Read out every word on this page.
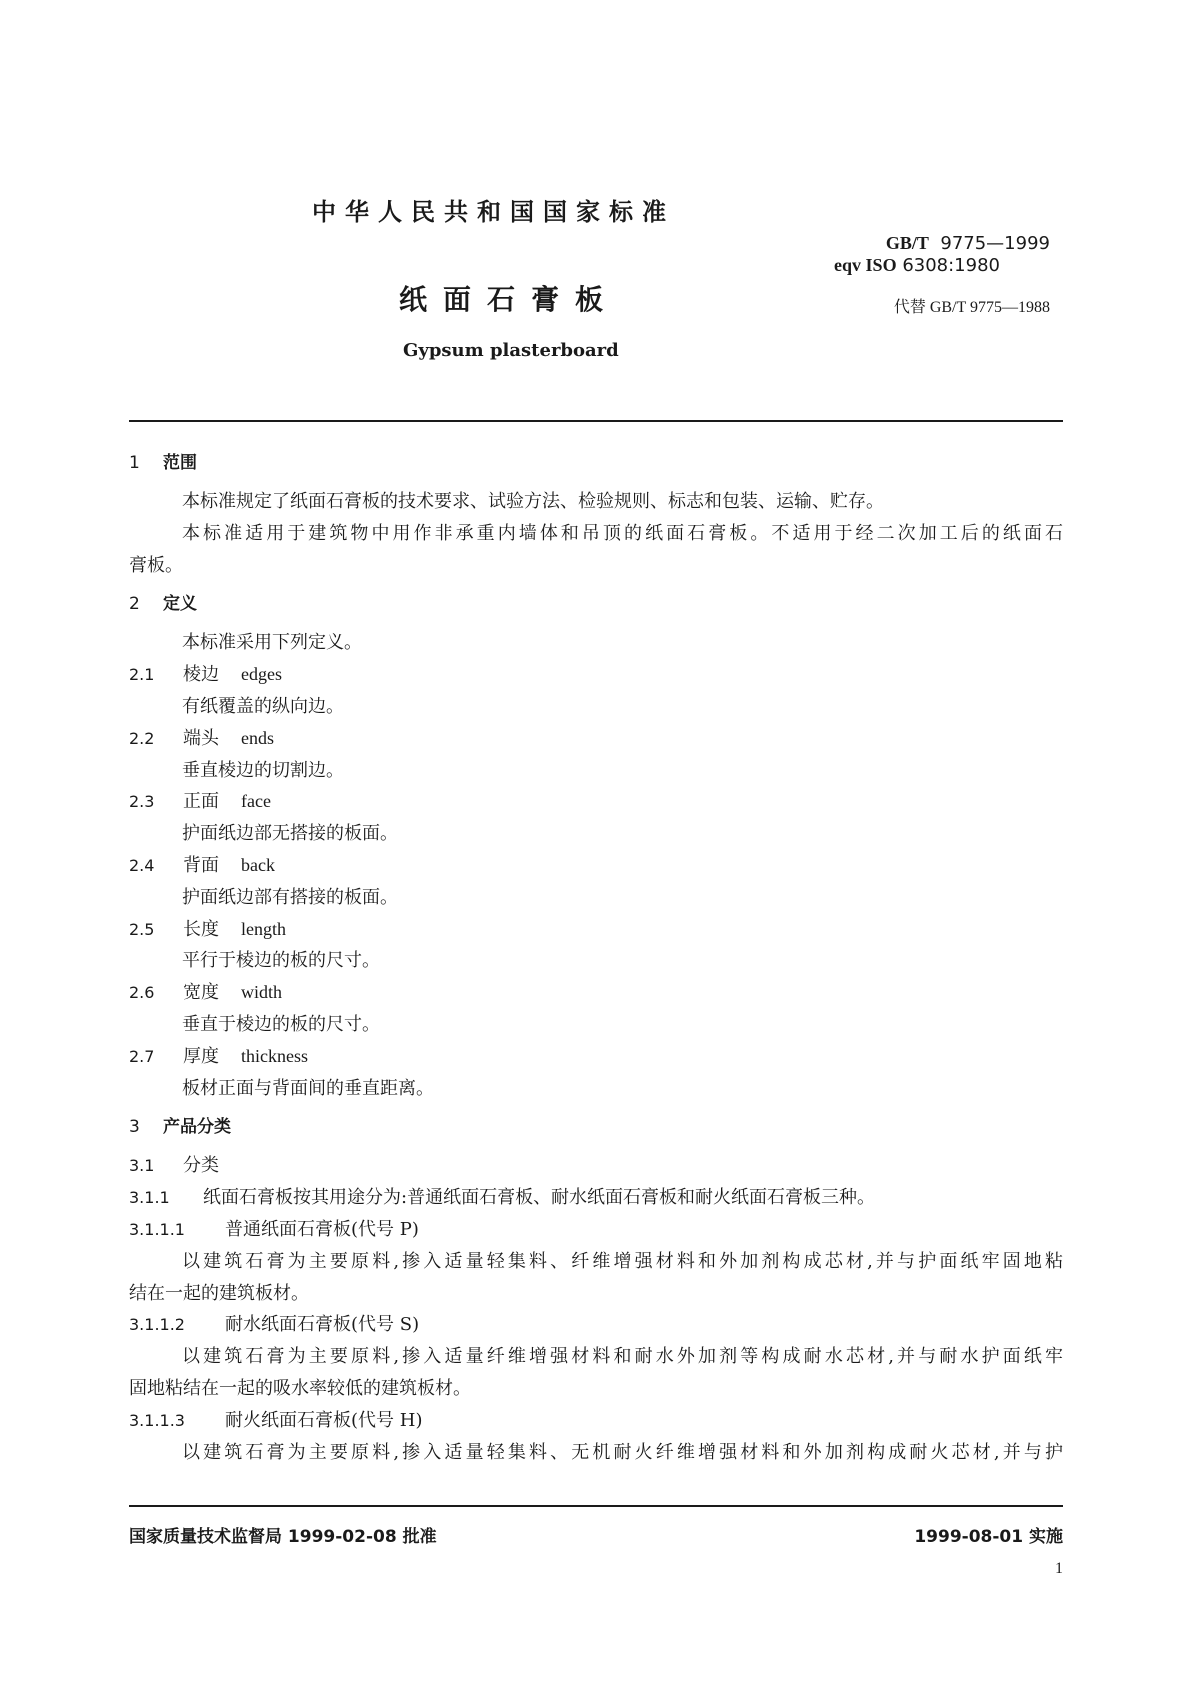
中华人民共和国国家标准
纸面石膏板
Gypsum plasterboard
GB/T 9775—1999
eqv ISO 6308:1980
代替 GB/T 9775—1988
1 范围
本标准规定了纸面石膏板的技术要求、试验方法、检验规则、标志和包装、运输、贮存。
本标准适用于建筑物中用作非承重内墙体和吊顶的纸面石膏板。不适用于经二次加工后的纸面石
膏板。
2 定义
本标准采用下列定义。
2.1 棱边 edges
有纸覆盖的纵向边。
2.2 端头 ends
垂直棱边的切割边。
2.3 正面 face
护面纸边部无搭接的板面。
2.4 背面 back
护面纸边部有搭接的板面。
2.5 长度 length
平行于棱边的板的尺寸。
2.6 宽度 width
垂直于棱边的板的尺寸。
2.7 厚度 thickness
板材正面与背面间的垂直距离。
3 产品分类
3.1 分类
3.1.1 纸面石膏板按其用途分为:普通纸面石膏板、耐水纸面石膏板和耐火纸面石膏板三种。
3.1.1.1 普通纸面石膏板(代号 P)
以建筑石膏为主要原料,掺入适量轻集料、纤维增强材料和外加剂构成芯材,并与护面纸牢固地粘
结在一起的建筑板材。
3.1.1.2 耐水纸面石膏板(代号 S)
以建筑石膏为主要原料,掺入适量纤维增强材料和耐水外加剂等构成耐水芯材,并与耐水护面纸牢
固地粘结在一起的吸水率较低的建筑板材。
3.1.1.3 耐火纸面石膏板(代号 H)
以建筑石膏为主要原料,掺入适量轻集料、无机耐火纤维增强材料和外加剂构成耐火芯材,并与护
国家质量技术监督局 1999-02-08 批准	1999-08-01 实施
1
